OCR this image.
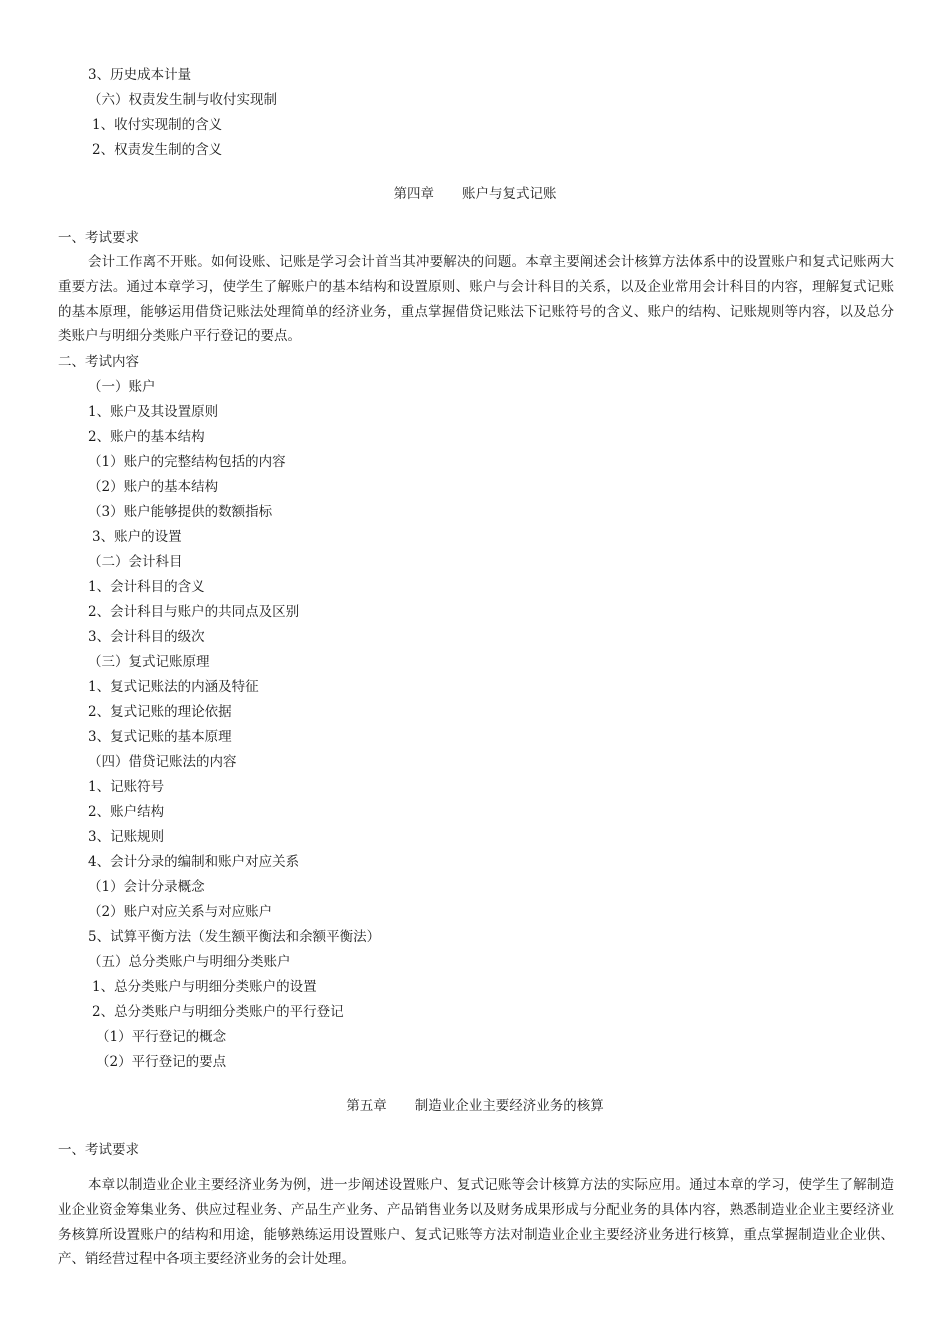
3、历史成本计量
（六）权责发生制与收付实现制
1、收付实现制的含义
2、权责发生制的含义
第四章 账户与复式记账
一、考试要求
会计工作离不开账。如何设账、记账是学习会计首当其冲要解决的问题。本章主要阐述会计核算方法体系中的设置账户和复式记账两大重要方法。通过本章学习，使学生了解账户的基本结构和设置原则、账户与会计科目的关系，以及企业常用会计科目的内容，理解复式记账的基本原理，能够运用借贷记账法处理简单的经济业务，重点掌握借贷记账法下记账符号的含义、账户的结构、记账规则等内容，以及总分类账户与明细分类账户平行登记的要点。
二、考试内容
（一）账户
1、账户及其设置原则
2、账户的基本结构
（1）账户的完整结构包括的内容
（2）账户的基本结构
（3）账户能够提供的数额指标
3、账户的设置
（二）会计科目
1、会计科目的含义
2、会计科目与账户的共同点及区别
3、会计科目的级次
（三）复式记账原理
1、复式记账法的内涵及特征
2、复式记账的理论依据
3、复式记账的基本原理
（四）借贷记账法的内容
1、记账符号
2、账户结构
3、记账规则
4、会计分录的编制和账户对应关系
（1）会计分录概念
（2）账户对应关系与对应账户
5、试算平衡方法（发生额平衡法和余额平衡法）
（五）总分类账户与明细分类账户
1、总分类账户与明细分类账户的设置
2、总分类账户与明细分类账户的平行登记
（1）平行登记的概念
（2）平行登记的要点
第五章 制造业企业主要经济业务的核算
一、考试要求
本章以制造业企业主要经济业务为例，进一步阐述设置账户、复式记账等会计核算方法的实际应用。通过本章的学习，使学生了解制造业企业资金筹集业务、供应过程业务、产品生产业务、产品销售业务以及财务成果形成与分配业务的具体内容，熟悉制造业企业主要经济业务核算所设置账户的结构和用途，能够熟练运用设置账户、复式记账等方法对制造业企业主要经济业务进行核算，重点掌握制造业企业供、产、销经营过程中各项主要经济业务的会计处理。
